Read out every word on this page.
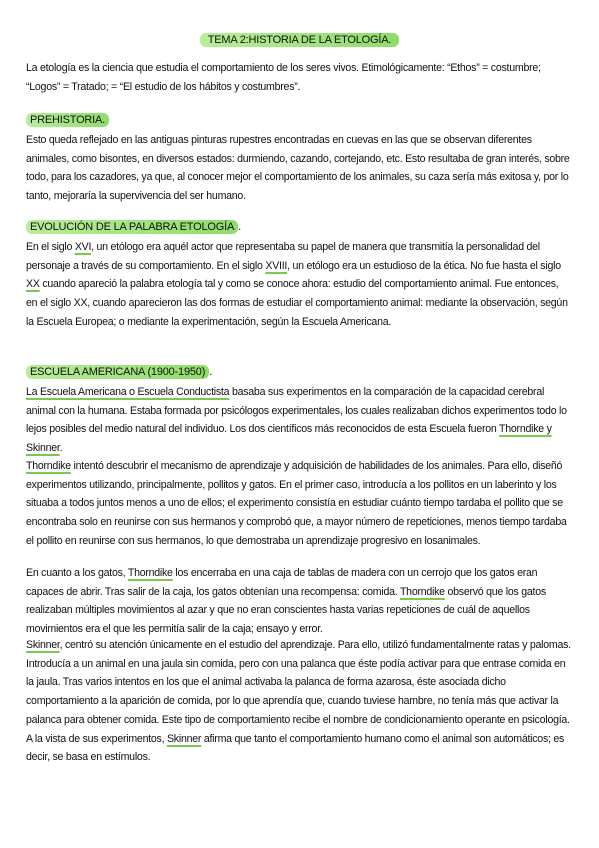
TEMA 2:HISTORIA DE LA ETOLOGÍA.

La etología es la ciencia que estudia el comportamiento de los seres vivos. Etimológicamente: “Ethos” = costumbre; “Logos” = Tratado; = “El estudio de los hábitos y costumbres”.

PREHISTORIA.

Esto queda reflejado en las antiguas pinturas rupestres encontradas en cuevas en las que se observan diferentes animales, como bisontes, en diversos estados: durmiendo, cazando, cortejando, etc. Esto resultaba de gran interés, sobre todo, para los cazadores, ya que, al conocer mejor el comportamiento de los animales, su caza sería más exitosa y, por lo tanto, mejoraría la supervivencia del ser humano.

EVOLUCIÓN DE LA PALABRA ETOLOGÍA .

En el siglo XVI, un etólogo era aquél actor que representaba su papel de manera que transmitía la personalidad del personaje a través de su comportamiento. En el siglo XVIII, un etólogo era un estudioso de la ética. No fue hasta el siglo XX cuando apareció la palabra etología tal y como se conoce ahora: estudio del comportamiento animal. Fue entonces, en el siglo XX, cuando aparecieron las dos formas de estudiar el comportamiento animal: mediante la observación, según la Escuela Europea; o mediante la experimentación, según la Escuela Americana.

ESCUELA AMERICANA (1900-1950) .

La Escuela Americana o Escuela Conductista basaba sus experimentos en la comparación de la capacidad cerebral animal con la humana. Estaba formada por psicólogos experimentales, los cuales realizaban dichos experimentos todo lo lejos posibles del medio natural del individuo. Los dos científicos más reconocidos de esta Escuela fueron Thorndike y Skinner.

Thorndike intentó descubrir el mecanismo de aprendizaje y adquisición de habilidades de los animales. Para ello, diseñó experimentos utilizando, principalmente, pollitos y gatos. En el primer caso, introducía a los pollitos en un laberinto y los situaba a todos juntos menos a uno de ellos; el experimento consistía en estudiar cuánto tiempo tardaba el pollito que se encontraba solo en reunirse con sus hermanos y comprobó que, a mayor número de repeticiones, menos tiempo tardaba el pollito en reunirse con sus hermanos, lo que demostraba un aprendizaje progresivo en losanimales.

En cuanto a los gatos, Thorndike los encerraba en una caja de tablas de madera con un cerrojo que los gatos eran capaces de abrir. Tras salir de la caja, los gatos obtenían una recompensa: comida. Thorndike observó que los gatos realizaban múltiples movimientos al azar y que no eran conscientes hasta varias repeticiones de cuál de aquellos movimientos era el que les permitía salir de la caja; ensayo y error.

Skinner, centró su atención únicamente en el estudio del aprendizaje. Para ello, utilizó fundamentalmente ratas y palomas. Introducía a un animal en una jaula sin comida, pero con una palanca que éste podía activar para que entrase comida en la jaula. Tras varios intentos en los que el animal activaba la palanca de forma azarosa, éste asociada dicho comportamiento a la aparición de comida, por lo que aprendía que, cuando tuviese hambre, no tenía más que activar la palanca para obtener comida. Este tipo de comportamiento recibe el nombre de condicionamiento operante en psicología. A la vista de sus experimentos, Skinner afirma que tanto el comportamiento humano como el animal son automáticos; es decir, se basa en estímulos.
